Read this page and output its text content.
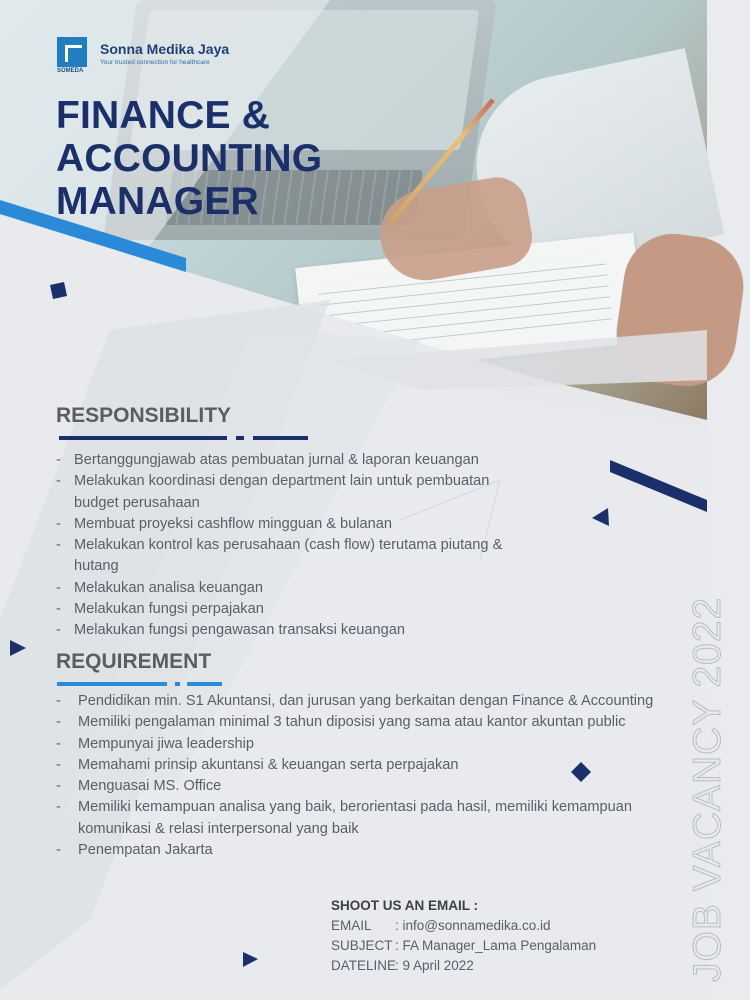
SOMEDA
Sonna Medika Jaya
Your trusted connection for healthcare
FINANCE &
ACCOUNTING
MANAGER
RESPONSIBILITY
- Bertanggungjawab atas pembuatan jurnal & laporan keuangan
- Melakukan koordinasi dengan department lain untuk pembuatan budget perusahaan
- Membuat proyeksi cashflow mingguan & bulanan
- Melakukan kontrol kas perusahaan (cash flow) terutama piutang & hutang
- Melakukan analisa keuangan
- Melakukan fungsi perpajakan
- Melakukan fungsi pengawasan transaksi keuangan
REQUIREMENT
- Pendidikan min. S1 Akuntansi, dan jurusan yang berkaitan dengan Finance & Accounting
- Memiliki pengalaman minimal 3 tahun diposisi yang sama atau kantor akuntan public
- Mempunyai jiwa leadership
- Memahami prinsip akuntansi & keuangan serta perpajakan
- Menguasai MS. Office
- Memiliki kemampuan analisa yang baik, berorientasi pada hasil, memiliki kemampuan komunikasi & relasi interpersonal yang baik
- Penempatan Jakarta
SHOOT US AN EMAIL :
EMAIL	: info@sonnamedika.co.id
SUBJECT : FA Manager_Lama Pengalaman
DATELINE
: 9 April 2022	JOB VACANCY 2022
